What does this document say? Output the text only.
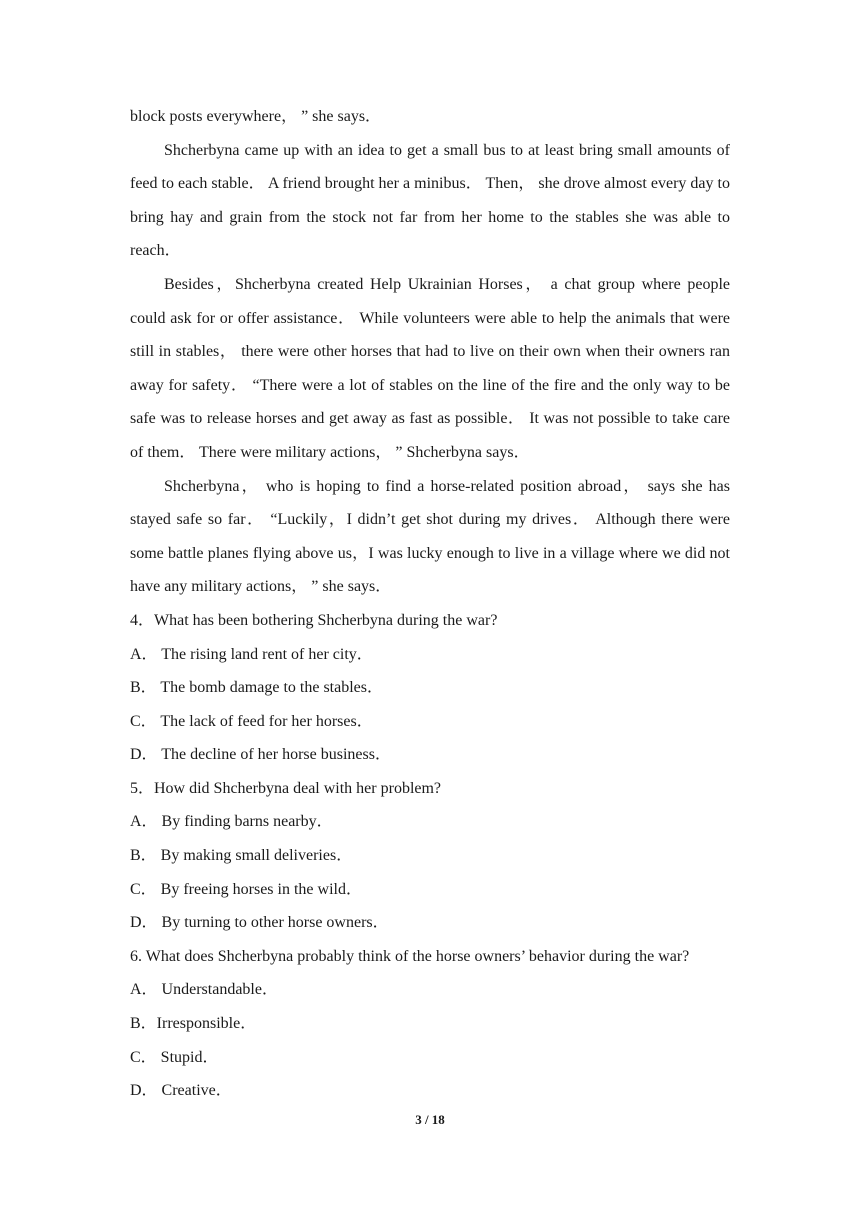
block posts everywhere， ” she says．

Shcherbyna came up with an idea to get a small bus to at least bring small amounts of feed to each stable． A friend brought her a minibus． Then， she drove almost every day to bring hay and grain from the stock not far from her home to the stables she was able to reach．

Besides，Shcherbyna created Help Ukrainian Horses， a chat group where people could ask for or offer assistance． While volunteers were able to help the animals that were still in stables， there were other horses that had to live on their own when their owners ran away for safety． “There were a lot of stables on the line of the fire and the only way to be safe was to release horses and get away as fast as possible． It was not possible to take care of them． There were military actions， ” Shcherbyna says．

Shcherbyna， who is hoping to find a horse-related position abroad， says she has stayed safe so far． “Luckily，I didn’t get shot during my drives． Although there were some battle planes flying above us，I was lucky enough to live in a village where we did not have any military actions， ” she says．

4．What has been bothering Shcherbyna during the war?

A． The rising land rent of her city．

B． The bomb damage to the stables．

C． The lack of feed for her horses．

D． The decline of her horse business．

5．How did Shcherbyna deal with her problem?

A． By finding barns nearby．

B． By making small deliveries．

C． By freeing horses in the wild．

D． By turning to other horse owners．

6. What does Shcherbyna probably think of the horse owners’ behavior during the war?

A． Understandable．

B．Irresponsible．

C． Stupid．

D． Creative．

3 / 18
